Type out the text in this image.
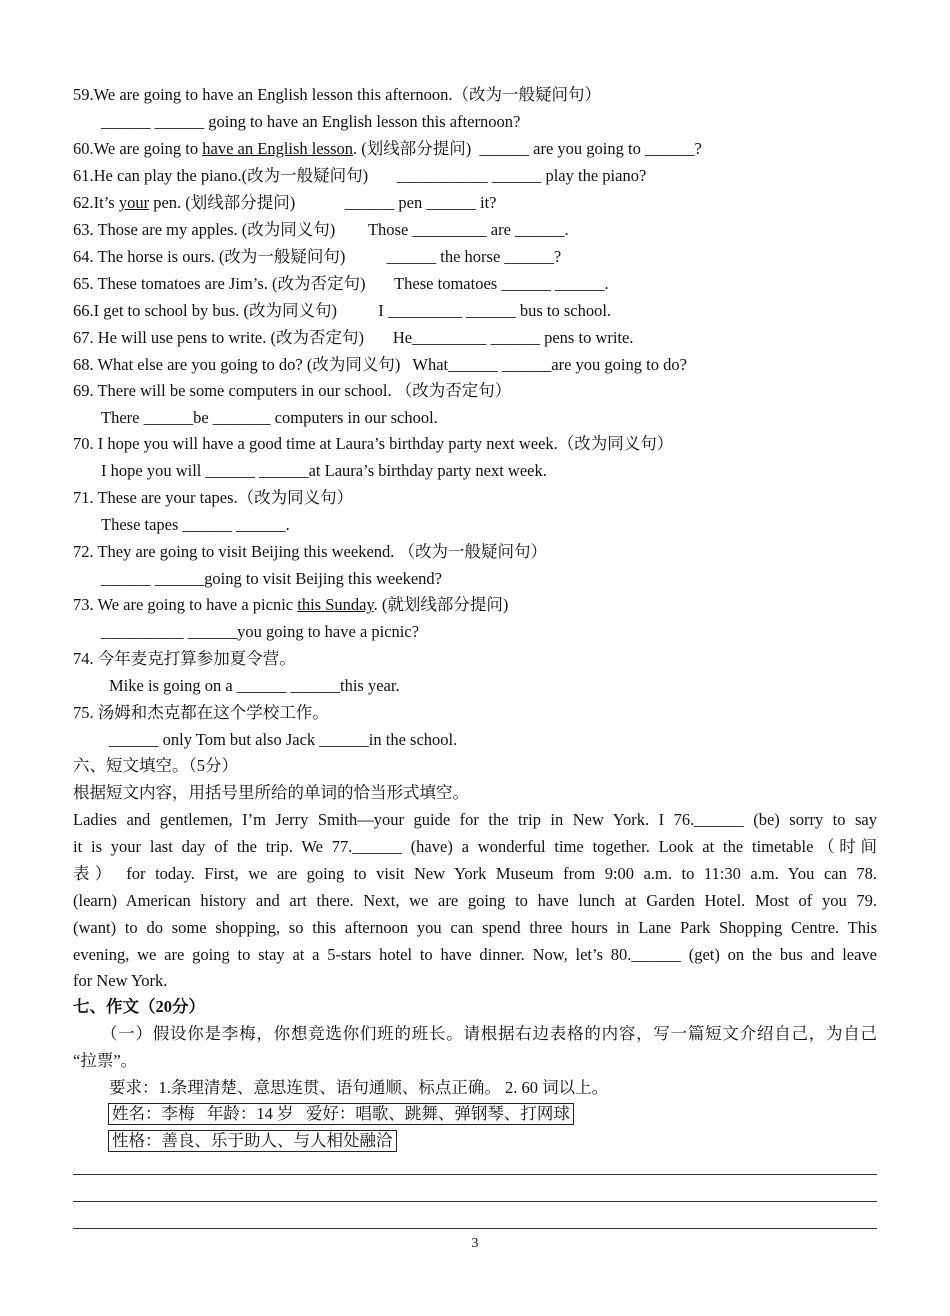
59.We are going to have an English lesson this afternoon.（改为一般疑问句）
______ ______ going to have an English lesson this afternoon?
60.We are going to have an English lesson. (划线部分提问)  ______ are you going to ______?
61.He can play the piano.(改为一般疑问句)       ___________ ______ play the piano?
62.It’s your pen. (划线部分提问)            ______ pen ______ it?
63. Those are my apples. (改为同义句)        Those _________ are ______.
64. The horse is ours. (改为一般疑问句)          ______ the horse ______?
65. These tomatoes are Jim’s. (改为否定句)       These tomatoes ______ ______.
66.I get to school by bus. (改为同义句)          I _________ ______ bus to school.
67. He will use pens to write. (改为否定句)       He_________ ______ pens to write.
68. What else are you going to do? (改为同义句)   What______ ______are you going to do?
69. There will be some computers in our school. （改为否定句）
There ______be _______ computers in our school.
70. I hope you will have a good time at Laura’s birthday party next week.（改为同义句）
I hope you will ______ ______at Laura’s birthday party next week.
71. These are your tapes.（改为同义句）
These tapes ______ ______.
72. They are going to visit Beijing this weekend. （改为一般疑问句）
______ ______going to visit Beijing this weekend?
73. We are going to have a picnic this Sunday. (就划线部分提问)
__________ ______you going to have a picnic?
74. 今年麦克打算参加夏令营。
Mike is going on a ______ ______this year.
75. 汤姆和杰克都在这个学校工作。
______ only Tom but also Jack ______in the school.
六、短文填空。（5分）
根据短文内容，用括号里所给的单词的恰当形式填空。
Ladies and gentlemen, I’m Jerry Smith—your guide for the trip in New York. I 76.______ (be) sorry to say
it is your last day of the trip. We 77.______ (have) a wonderful time together. Look at the timetable（时间
表） for today. First, we are going to visit New York Museum from 9:00 a.m. to 11:30 a.m. You can 78.
(learn) American history and art there. Next, we are going to have lunch at Garden Hotel. Most of you 79.
(want) to do some shopping, so this afternoon you can spend three hours in Lane Park Shopping Centre. This
evening, we are going to stay at a 5-stars hotel to have dinner. Now, let’s 80.______ (get) on the bus and leave
for New York.
七、作文（20分）
（一）假设你是李梅，你想竞选你们班的班长。请根据右边表格的内容，写一篇短文介绍自己，为自己
“拉票”。
要求：1.条理清楚、意思连贯、语句通顺、标点正确。 2. 60 词以上。
姓名：李梅   年龄：14 岁   爱好：唱歌、跳舞、弹钢琴、打网球
性格：善良、乐于助人、与人相处融洽
3
